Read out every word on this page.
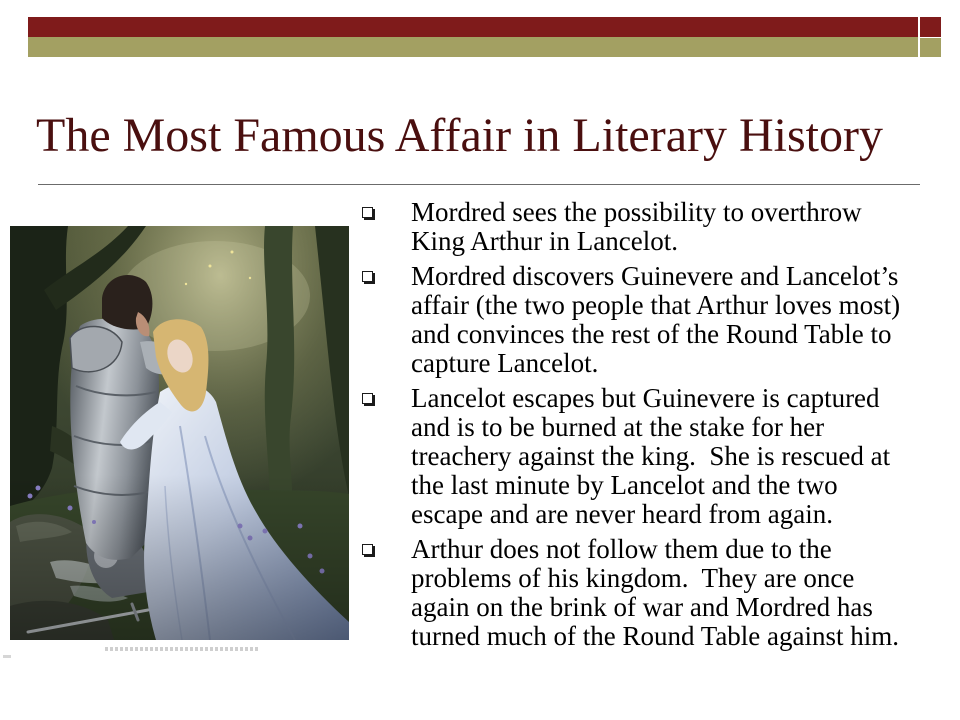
The Most Famous Affair in Literary History
Mordred sees the possibility to overthrow
King Arthur in Lancelot.
Mordred discovers Guinevere and Lancelot’s
affair (the two people that Arthur loves most)
and convinces the rest of the Round Table to
capture Lancelot.
Lancelot escapes but Guinevere is captured
and is to be burned at the stake for her
treachery against the king.  She is rescued at
the last minute by Lancelot and the two
escape and are never heard from again.
Arthur does not follow them due to the
problems of his kingdom.  They are once
again on the brink of war and Mordred has
turned much of the Round Table against him.
